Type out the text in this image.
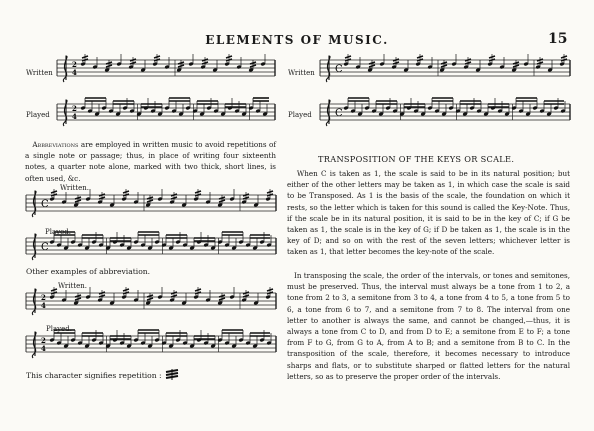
ELEMENTS OF MUSIC.	15
Written
Played
2
4
2
4
Abbreviations are employed in written music to avoid repetitions of a single note or passage; thus, in place of writing four sixteenth notes, a quarter note alone, marked with two thick, short lines, is often used, &c.
Written.
C
Played.
C
Other examples of abbreviation.
Written.
2
4
Played.
2
4
This character signifies repetition :
Written
Played
C
C
TRANSPOSITION OF THE KEYS OR SCALE.
When C is taken as 1, the scale is said to be in its natural position; but either of the other letters may be taken as 1, in which case the scale is said to be Transposed. As 1 is the basis of the scale, the foundation on which it rests, so the letter which is taken for this sound is called the Key-Note. Thus, if the scale be in its natural position, it is said to be in the key of C; if G be taken as 1, the scale is in the key of G; if D be taken as 1, the scale is in the key of D; and so on with the rest of the seven letters; whichever letter is taken as 1, that letter becomes the key-note of the scale.
In transposing the scale, the order of the intervals, or tones and semitones, must be preserved. Thus, the interval must always be a tone from 1 to 2, a tone from 2 to 3, a semitone from 3 to 4, a tone from 4 to 5, a tone from 5 to 6, a tone from 6 to 7, and a semitone from 7 to 8. The interval from one letter to another is always the same, and cannot be changed,—thus, it is always a tone from C to D, and from D to E; a semitone from E to F; a tone from F to G, from G to A, from A to B; and a semitone from B to C. In the transposition of the scale, therefore, it becomes necessary to introduce sharps and flats, or to substitute sharped or flatted letters for the natural letters, so as to preserve the proper order of the intervals.
